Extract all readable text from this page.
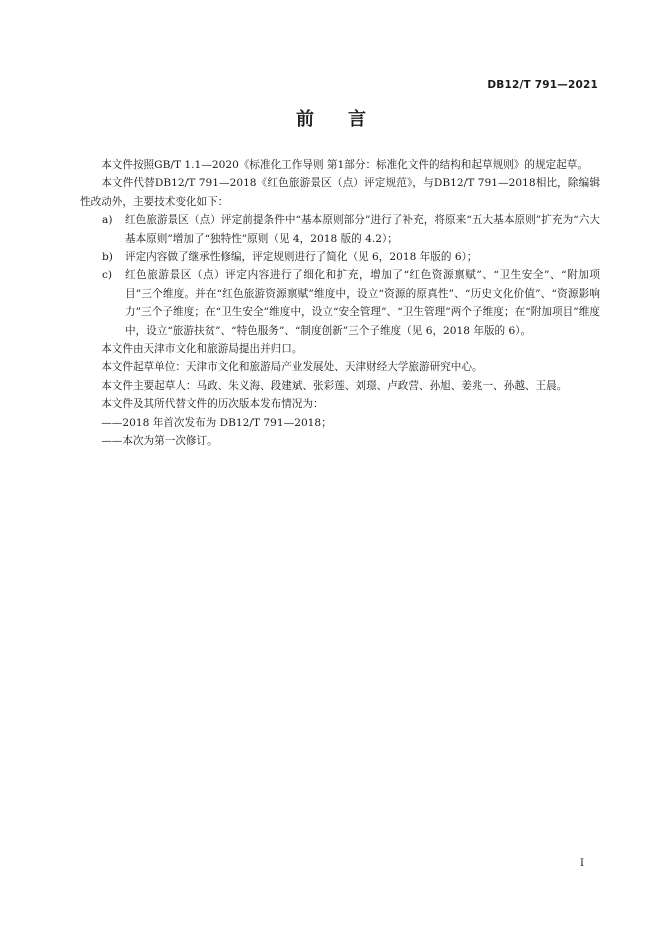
DB12/T 791—2021
前言

本文件按照GB/T 1.1—2020《标准化工作导则 第1部分：标准化文件的结构和起草规则》的规定起草。

本文件代替DB12/T 791—2018《红色旅游景区（点）评定规范》，与DB12/T 791—2018相比，除编辑性改动外，主要技术变化如下：

a) 红色旅游景区（点）评定前提条件中“基本原则部分”进行了补充，将原来“五大基本原则”扩充为“六大基本原则”增加了“独特性”原则（见 4，2018 版的 4.2）；
b) 评定内容做了继承性修编，评定规则进行了简化（见 6，2018 年版的 6）；
c) 红色旅游景区（点）评定内容进行了细化和扩充，增加了“红色资源禀赋”、“卫生安全”、“附加项目”三个维度。并在“红色旅游资源禀赋”维度中，设立“资源的原真性”、“历史文化价值”、“资源影响力”三个子维度；在“卫生安全”维度中，设立“安全管理”、“卫生管理”两个子维度；在“附加项目”维度中，设立“旅游扶贫”、“特色服务”、“制度创新”三个子维度（见 6，2018 年版的 6）。

本文件由天津市文化和旅游局提出并归口。

本文件起草单位：天津市文化和旅游局产业发展处、天津财经大学旅游研究中心。

本文件主要起草人：马政、朱义海、段建斌、张彩莲、刘璟、卢政营、孙旭、姜兆一、孙越、王晨。

本文件及其所代替文件的历次版本发布情况为：

——2018 年首次发布为 DB12/T 791—2018；

——本次为第一次修订。

I
